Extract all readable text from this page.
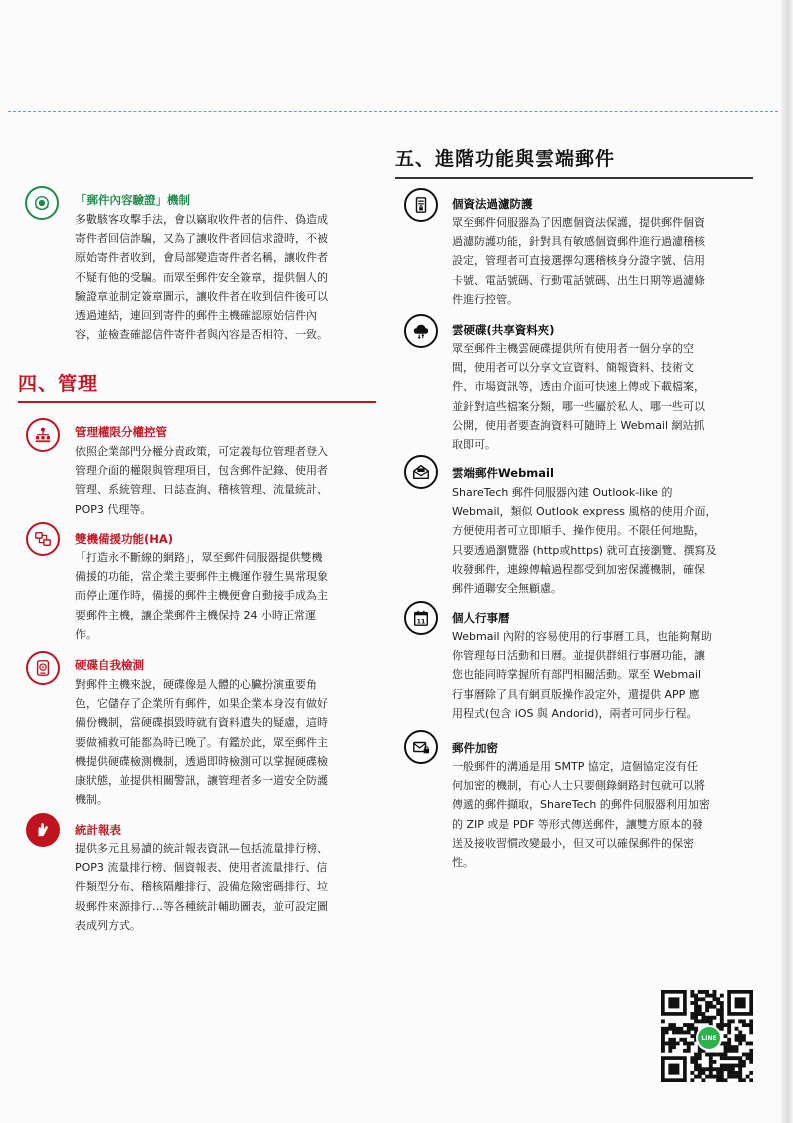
「郵件內容驗證」機制
多數駭客攻擊手法，會以竊取收件者的信件、偽造成
寄件者回信詐騙，又為了讓收件者回信求證時，不被
原始寄件者收到，會局部變造寄件者名稱，讓收件者
不疑有他的受騙。而眾至郵件安全簽章，提供個人的
驗證章並制定簽章圖示，讓收件者在收到信件後可以
透過連結，連回到寄件的郵件主機確認原始信件內
容，並檢查確認信件寄件者與內容是否相符、一致。
四、管理
管理權限分權控管
依照企業部門分權分責政策，可定義每位管理者登入
管理介面的權限與管理項目，包含郵件記錄、使用者
管理、系統管理、日誌查詢、稽核管理、流量統計、
POP3 代理等。
雙機備援功能(HA)
「打造永不斷線的網路」，眾至郵件伺服器提供雙機
備援的功能，當企業主要郵件主機運作發生異常現象
而停止運作時，備援的郵件主機便會自動接手成為主
要郵件主機，讓企業郵件主機保持 24 小時正常運
作。
硬碟自我檢測
對郵件主機來說，硬碟像是人體的心臟扮演重要角
色，它儲存了企業所有郵件，如果企業本身沒有做好
備份機制，當硬碟損毀時就有資料遺失的疑慮，這時
要做補救可能都為時已晚了。有鑑於此，眾至郵件主
機提供硬碟檢測機制，透過即時檢測可以掌握硬碟檢
康狀態，並提供相關警訊，讓管理者多一道安全防護
機制。
統計報表
提供多元且易讀的統計報表資訊—包括流量排行榜、
POP3 流量排行榜、個資報表、使用者流量排行、信
件類型分布、稽核隔離排行、設備危險密碼排行、垃
圾郵件來源排行…等各種統計輔助圖表，並可設定圖
表成列方式。
五、進階功能與雲端郵件
個資法過濾防護
眾至郵件伺服器為了因應個資法保護，提供郵件個資
過濾防護功能，針對具有敏感個資郵件進行過濾稽核
設定，管理者可直接選擇勾選稽核身分證字號、信用
卡號、電話號碼、行動電話號碼、出生日期等過濾條
件進行控管。
雲硬碟(共享資料夾)
眾至郵件主機雲硬碟提供所有使用者一個分享的空
間，使用者可以分享文宣資料、簡報資料、技術文
件、市場資訊等，透由介面可快速上傳或下載檔案，
並針對這些檔案分類，哪一些屬於私人、哪一些可以
公開，使用者要查詢資料可隨時上 Webmail 網站抓
取即可。
雲端郵件Webmail
ShareTech 郵件伺服器內建 Outlook-like 的
Webmail，類似 Outlook express 風格的使用介面，
方便使用者可立即順手、操作使用。不限任何地點，
只要透過瀏覽器 (http或https) 就可直接瀏覽、撰寫及
收發郵件，連線傳輸過程都受到加密保護機制，確保
郵件通聯安全無顧慮。
11 個人行事曆
Webmail 內附的容易使用的行事曆工具，也能夠幫助
你管理每日活動和日曆。並提供群組行事曆功能，讓
您也能同時掌握所有部門相關活動。眾至 Webmail
行事曆除了具有網頁版操作設定外，還提供 APP 應
用程式(包含 iOS 與 Andorid)，兩者可同步行程。
郵件加密
一般郵件的溝通是用 SMTP 協定，這個協定沒有任
何加密的機制，有心人士只要側錄網路封包就可以將
傳遞的郵件擷取，ShareTech 的郵件伺服器利用加密
的 ZIP 或是 PDF 等形式傳送郵件，讓雙方原本的發
送及接收習慣改變最小，但又可以確保郵件的保密
性。
LINE
